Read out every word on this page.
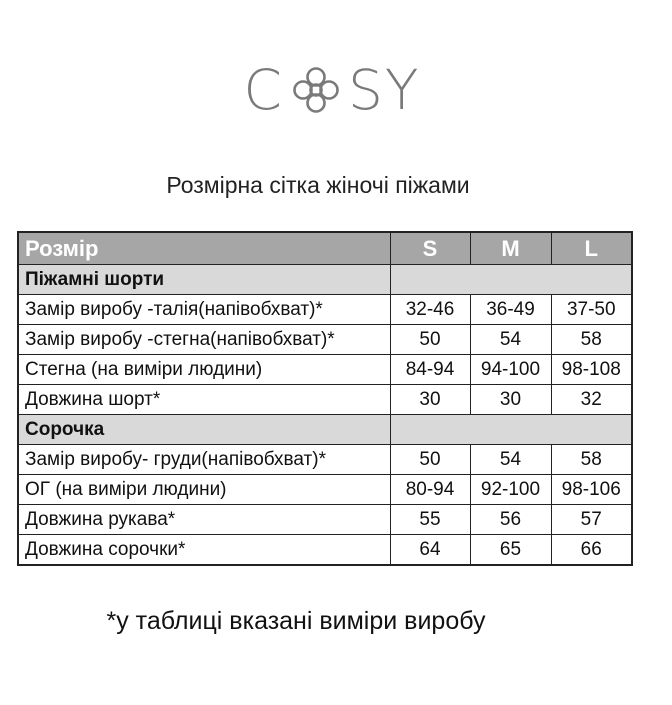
C SY
Розмірна сітка жіночі піжами
Розмір	S	M	L
Піжамні шорти			
Замір виробу -талія(напівобхват)*	32-46	36-49	37-50
Замір виробу -стегна(напівобхват)*	50	54	58
Стегна (на виміри людини)	84-94	94-100	98-108
Довжина шорт*	30	30	32
Сорочка			
Замір виробу- груди(напівобхват)*	50	54	58
ОГ (на виміри людини)	80-94	92-100	98-106
Довжина рукава*	55	56	57
Довжина сорочки*	64	65	66
*у таблиці вказані виміри виробу
